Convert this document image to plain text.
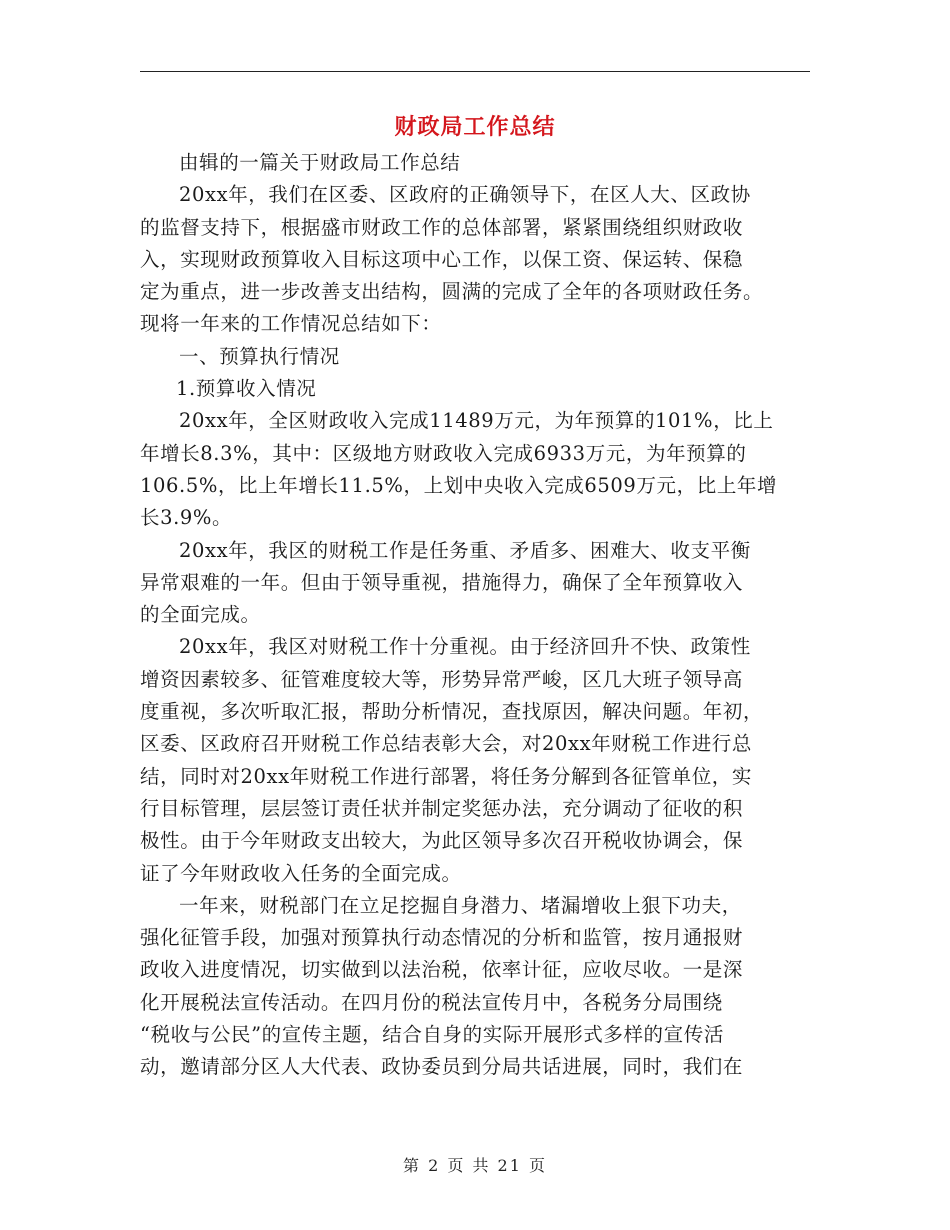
财政局工作总结

由辑的一篇关于财政局工作总结

20xx年，我们在区委、区政府的正确领导下，在区人大、区政协
的监督支持下，根据盛市财政工作的总体部署，紧紧围绕组织财政收
入，实现财政预算收入目标这项中心工作，以保工资、保运转、保稳
定为重点，进一步改善支出结构，圆满的完成了全年的各项财政任务。
现将一年来的工作情况总结如下：

一、预算执行情况

1.预算收入情况

20xx年，全区财政收入完成11489万元，为年预算的101%，比上
年增长8.3%，其中：区级地方财政收入完成6933万元，为年预算的
106.5%，比上年增长11.5%，上划中央收入完成6509万元，比上年增
长3.9%。
20xx年，我区的财税工作是任务重、矛盾多、困难大、收支平衡
异常艰难的一年。但由于领导重视，措施得力，确保了全年预算收入
的全面完成。
20xx年，我区对财税工作十分重视。由于经济回升不快、政策性
增资因素较多、征管难度较大等，形势异常严峻，区几大班子领导高
度重视，多次听取汇报，帮助分析情况，查找原因，解决问题。年初，
区委、区政府召开财税工作总结表彰大会，对20xx年财税工作进行总
结，同时对20xx年财税工作进行部署，将任务分解到各征管单位，实
行目标管理，层层签订责任状并制定奖惩办法，充分调动了征收的积
极性。由于今年财政支出较大，为此区领导多次召开税收协调会，保
证了今年财政收入任务的全面完成。
一年来，财税部门在立足挖掘自身潜力、堵漏增收上狠下功夫，
强化征管手段，加强对预算执行动态情况的分析和监管，按月通报财
政收入进度情况，切实做到以法治税，依率计征，应收尽收。一是深
化开展税法宣传活动。在四月份的税法宣传月中，各税务分局围绕
“税收与公民”的宣传主题，结合自身的实际开展形式多样的宣传活
动，邀请部分区人大代表、政协委员到分局共话进展，同时，我们在
第 2 页 共 21 页
